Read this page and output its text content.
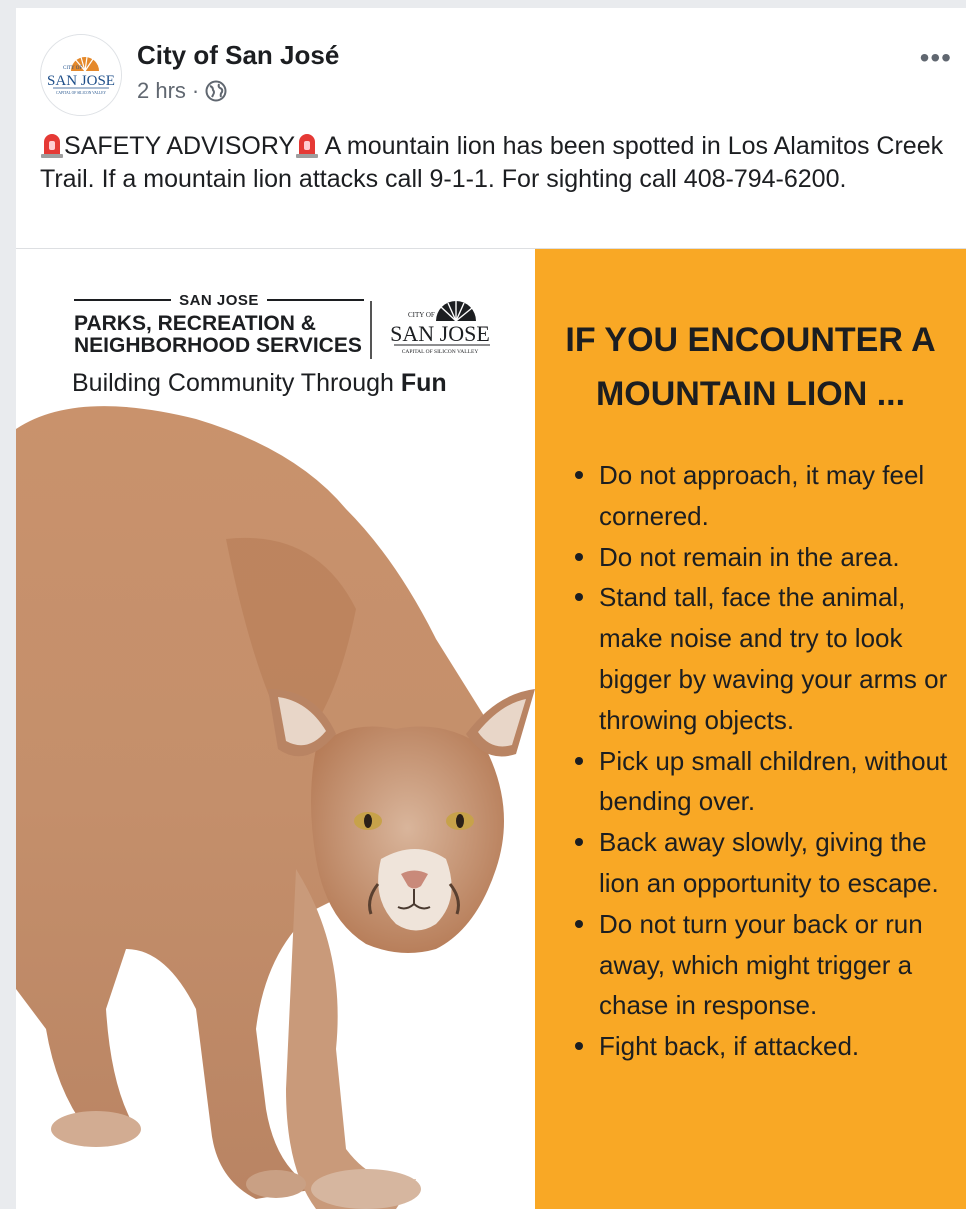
CITY OF
SAN JOSE
CAPITAL OF SILICON VALLEY
City of San José
2 hrs ·
•••
SAFETY ADVISORY A mountain lion has been spotted in Los Alamitos Creek Trail. If a mountain lion attacks call 9-1-1. For sighting call 408-794-6200.
SAN JOSE
PARKS, RECREATION &
NEIGHBORHOOD SERVICES
CITY OF
SAN JOSE
CAPITAL OF SILICON VALLEY
Building Community Through Fun
IF YOU ENCOUNTER A
MOUNTAIN LION ...
Do not approach, it may feel cornered.
Do not remain in the area.
Stand tall, face the animal, make noise and try to look bigger by waving your arms or throwing objects.
Pick up small children, without bending over.
Back away slowly, giving the lion an opportunity to escape.
Do not turn your back or run away, which might trigger a chase in response.
Fight back, if attacked.
